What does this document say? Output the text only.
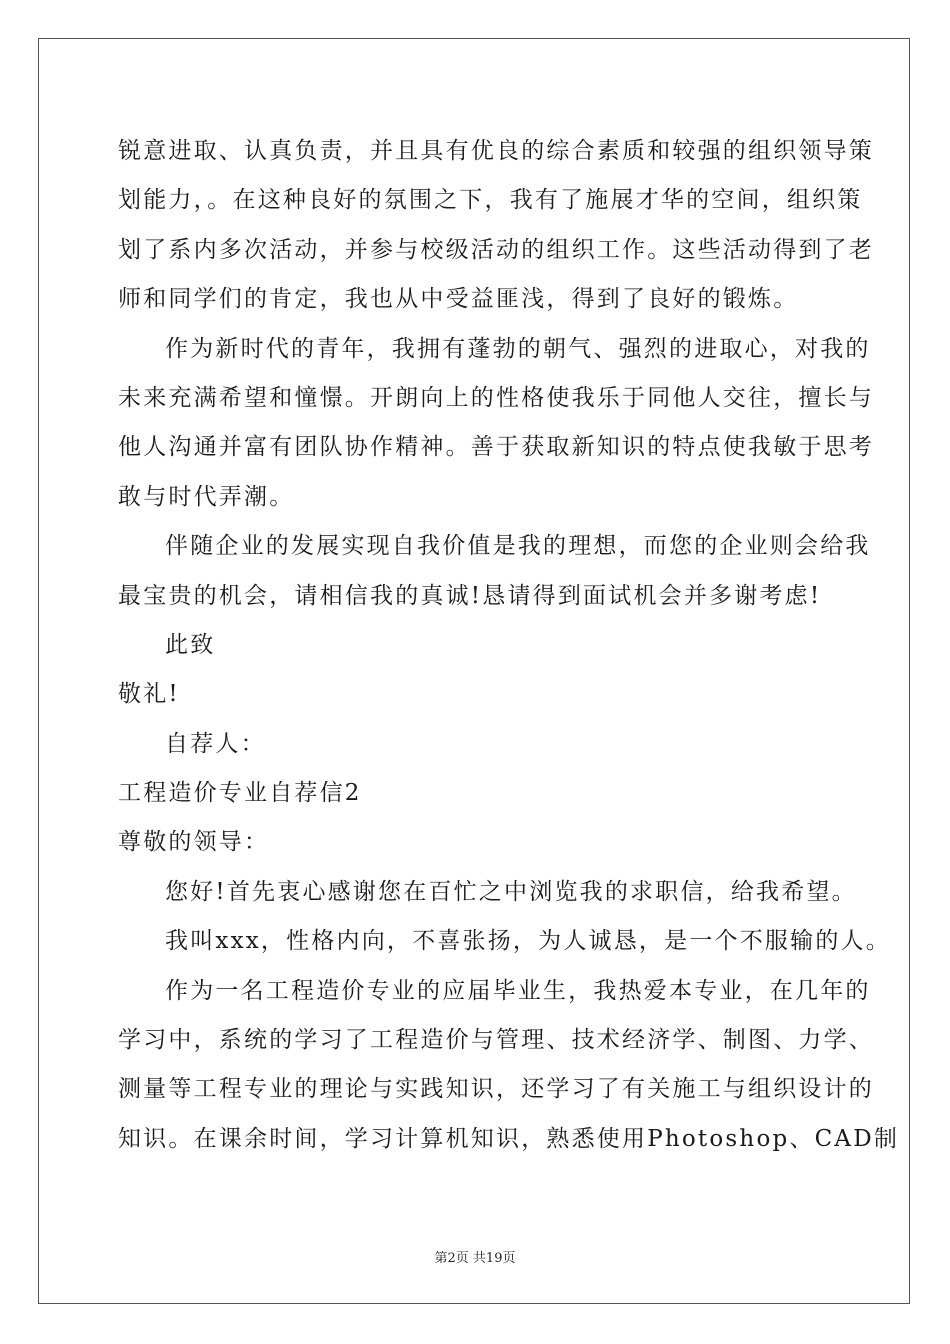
锐意进取、认真负责，并且具有优良的综合素质和较强的组织领导策
划能力，。在这种良好的氛围之下，我有了施展才华的空间，组织策
划了系内多次活动，并参与校级活动的组织工作。这些活动得到了老
师和同学们的肯定，我也从中受益匪浅，得到了良好的锻炼。
作为新时代的青年，我拥有蓬勃的朝气、强烈的进取心，对我的
未来充满希望和憧憬。开朗向上的性格使我乐于同他人交往，擅长与
他人沟通并富有团队协作精神。善于获取新知识的特点使我敏于思考
敢与时代弄潮。
伴随企业的发展实现自我价值是我的理想，而您的企业则会给我
最宝贵的机会，请相信我的真诚!恳请得到面试机会并多谢考虑!
此致
敬礼!
自荐人：
工程造价专业自荐信2
尊敬的领导：
您好!首先衷心感谢您在百忙之中浏览我的求职信，给我希望。
我叫xxx，性格内向，不喜张扬，为人诚恳，是一个不服输的人。
作为一名工程造价专业的应届毕业生，我热爱本专业，在几年的
学习中，系统的学习了工程造价与管理、技术经济学、制图、力学、
测量等工程专业的理论与实践知识，还学习了有关施工与组织设计的
知识。在课余时间，学习计算机知识，熟悉使用Photoshop、CAD制
第2页 共19页
